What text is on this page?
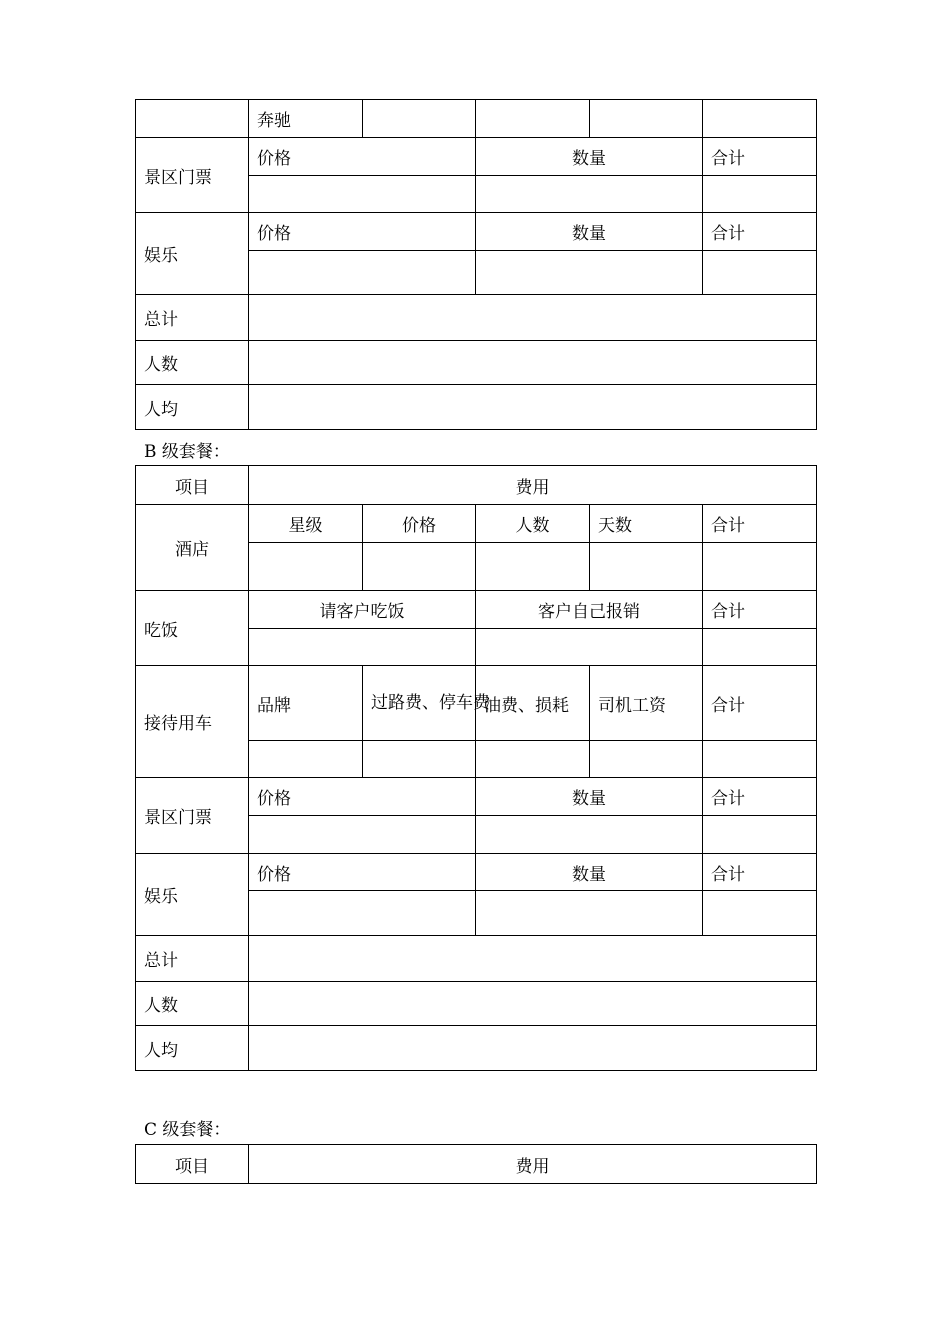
	奔驰				
景区门票	价格		数量		合计

娱乐	价格		数量		合计

总计					
人数					
人均					
B 级套餐：
项目	费用				
酒店	星级	价格	人数	天数	合计

吃饭	请客户吃饭		客户自己报销		合计

接待用车	品牌	过路费、停车费	油费、损耗	司机工资	合计

景区门票	价格		数量		合计

娱乐	价格		数量		合计

总计					
人数					
人均					
C 级套餐：
项目	费用
